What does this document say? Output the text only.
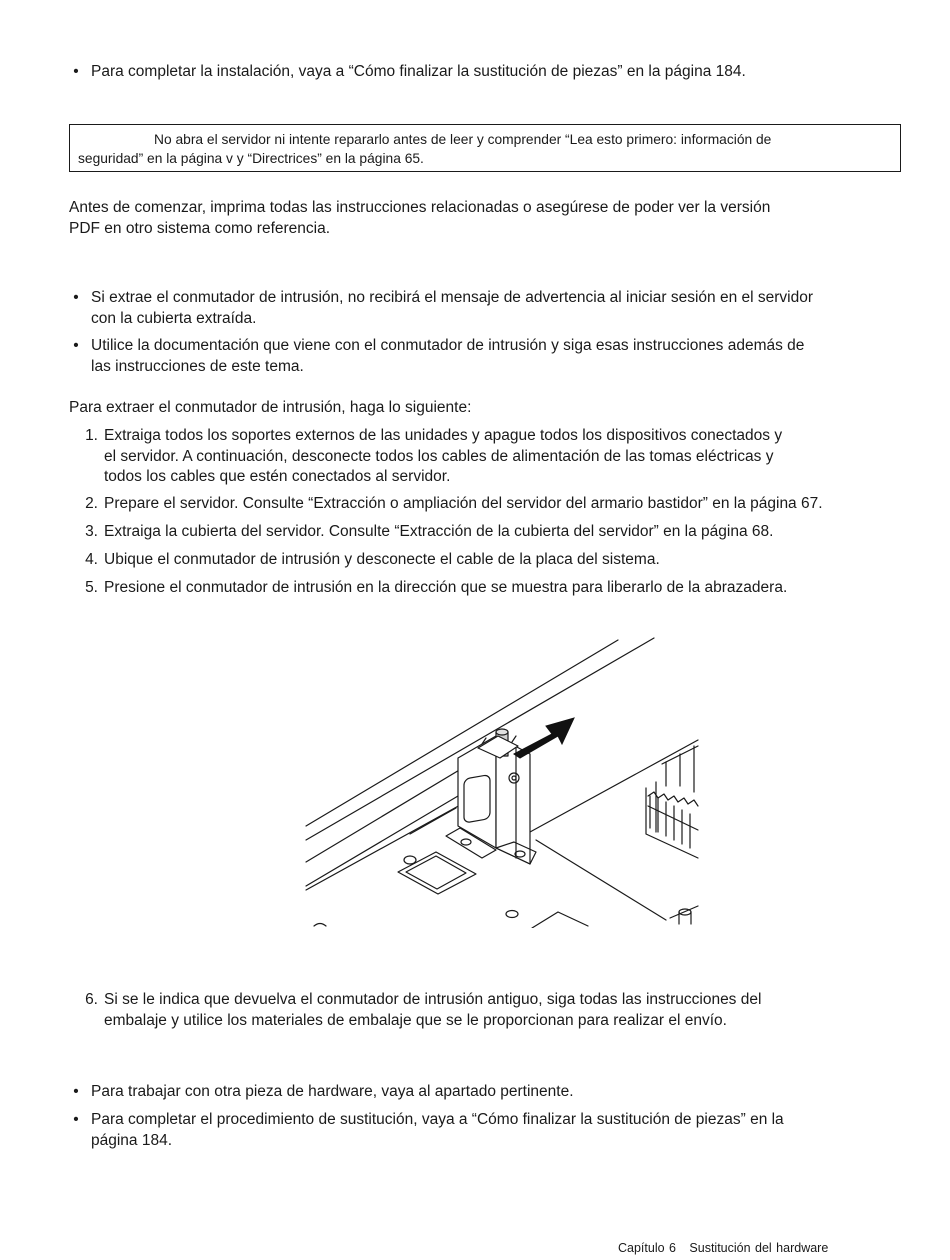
• Para completar la instalación, vaya a “Cómo finalizar la sustitución de piezas” en la página 184.
No abra el servidor ni intente repararlo antes de leer y comprender “Lea esto primero: información de
seguridad” en la página v y “Directrices” en la página 65.
Antes de comenzar, imprima todas las instrucciones relacionadas o asegúrese de poder ver la versión
PDF en otro sistema como referencia.
• Si extrae el conmutador de intrusión, no recibirá el mensaje de advertencia al iniciar sesión en el servidor
con la cubierta extraída.
• Utilice la documentación que viene con el conmutador de intrusión y siga esas instrucciones además de
las instrucciones de este tema.
Para extraer el conmutador de intrusión, haga lo siguiente:
1. Extraiga todos los soportes externos de las unidades y apague todos los dispositivos conectados y
el servidor. A continuación, desconecte todos los cables de alimentación de las tomas eléctricas y
todos los cables que estén conectados al servidor.
2. Prepare el servidor. Consulte “Extracción o ampliación del servidor del armario bastidor” en la página 67.
3. Extraiga la cubierta del servidor. Consulte “Extracción de la cubierta del servidor” en la página 68.
4. Ubique el conmutador de intrusión y desconecte el cable de la placa del sistema.
5. Presione el conmutador de intrusión en la dirección que se muestra para liberarlo de la abrazadera.
6. Si se le indica que devuelva el conmutador de intrusión antiguo, siga todas las instrucciones del
embalaje y utilice los materiales de embalaje que se le proporcionan para realizar el envío.
• Para trabajar con otra pieza de hardware, vaya al apartado pertinente.
• Para completar el procedimiento de sustitución, vaya a “Cómo finalizar la sustitución de piezas” en la
página 184.
Capítulo 6 Sustitución del hardware
